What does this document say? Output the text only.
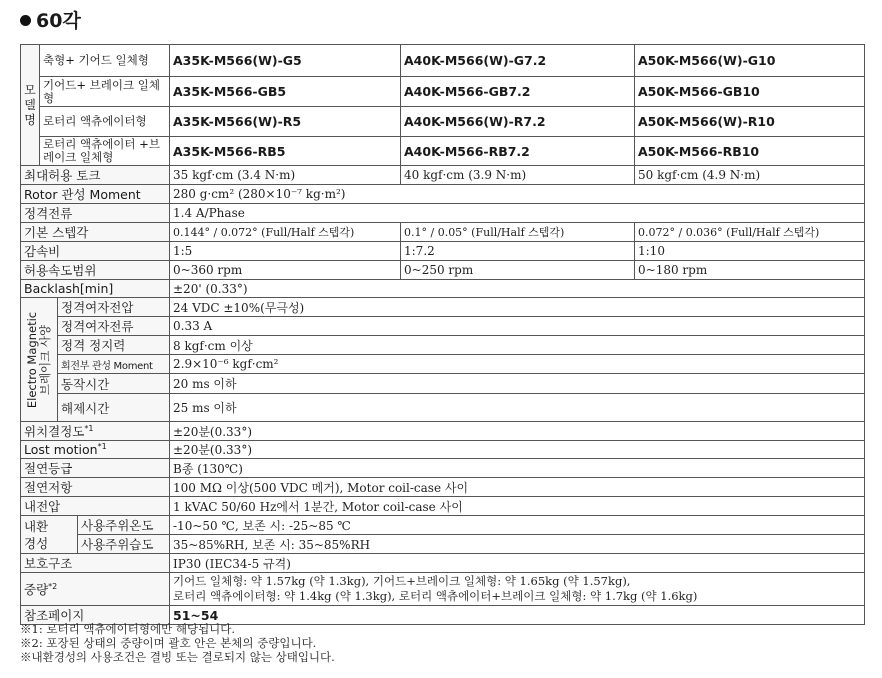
60각
모델명	축형+ 기어드 일체형			A35K-M566(W)-G5	A40K-M566(W)-G7.2	A50K-M566(W)-G10
	기어드+ 브레이크 일체형			A35K-M566-GB5	A40K-M566-GB7.2	A50K-M566-GB10
	로터리 액츄에이터형			A35K-M566(W)-R5	A40K-M566(W)-R7.2	A50K-M566(W)-R10
	로터리 액츄에이터 +브레이크 일체형			A35K-M566-RB5	A40K-M566-RB7.2	A50K-M566-RB10
최대허용 토크				35 kgf·cm (3.4 N·m)	40 kgf·cm (3.9 N·m)	50 kgf·cm (4.9 N·m)
Rotor 관성 Moment				280 g·cm² (280×10⁻⁷ kg·m²)		
정격전류				1.4 A/Phase		
기본 스텝각				0.144° / 0.072° (Full/Half 스텝각)	0.1° / 0.05° (Full/Half 스텝각)	0.072° / 0.036° (Full/Half 스텝각)
감속비				1:5	1:7.2	1:10
허용속도범위				0~360 rpm	0~250 rpm	0~180 rpm
Backlash[min]				±20' (0.33°)		

Electro Magnetic
브레이크 사양		정격여자전압		24 VDC ±10%(무극성)		
		정격여자전류		0.33 A		
		정격 정지력		8 kgf·cm 이상		
		회전부 관성 Moment		2.9×10⁻⁶ kgf·cm²		
		동작시간		20 ms 이하		
		해제시간		25 ms 이하		
위치결정도$^{*1}$				±20분(0.33°)		
Lost motion$^{*1}$				±20분(0.33°)		
절연등급				B종 (130℃)		
절연저항				100 MΩ 이상(500 VDC 메거), Motor coil-case 사이		
내전압				1 kVAC 50/60 Hz에서 1분간, Motor coil-case 사이		
내환
경성			사용주위온도	-10~50 ℃, 보존 시: -25~85 ℃		
			사용주위습도	35~85%RH, 보존 시: 35~85%RH		
보호구조				IP30 (IEC34-5 규격)		
중량$^{*2}$				기어드 일체형: 약 1.57kg (약 1.3kg), 기어드+브레이크 일체형: 약 1.65kg (약 1.57kg),
로터리 액츄에이터형: 약 1.4kg (약 1.3kg), 로터리 액츄에이터+브레이크 일체형: 약 1.7kg (약 1.6kg)		

참조페이지				51~54		
※1: 로터리 액츄에이터형에만 해당됩니다.
※2: 포장된 상태의 중량이며 괄호 안은 본체의 중량입니다.
※내환경성의 사용조건은 결빙 또는 결로되지 않는 상태입니다.
